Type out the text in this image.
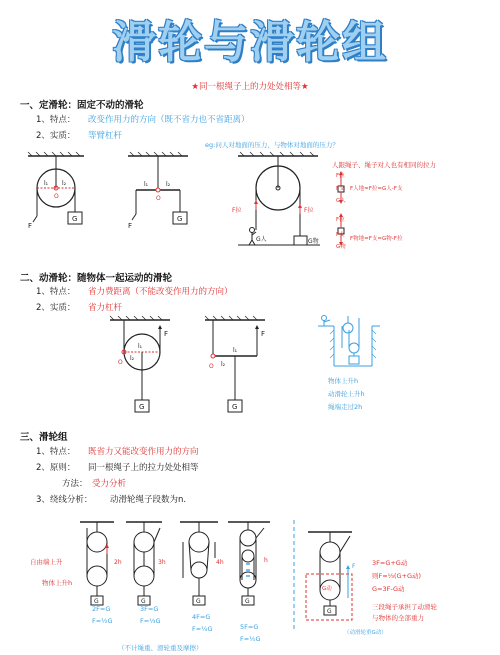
滑轮与滑轮组
★同一根绳子上的力处处相等★
一、定滑轮：固定不动的滑轮
1、特点： 改变作用力的方向（既不省力也不省距离）
2、实质： 等臂杠杆
eg:问人对地面的压力，与物体对地面的压力？
人跟绳子、绳子对人也有相同的拉力
G
F
l₁ l₂
O
G
F
l₁	l₂
O
F拉	F拉
G人	G物
F拉
F支
G人
F人地=F拉=G人-F支
F拉
F支
G物
F物地=F支=G物-F拉
二、动滑轮：随物体一起运动的滑轮
1、特点： 省力费距离（不能改变作用力的方向）
2、实质： 省力杠杆
G
F
l₁
l₂
O
G
F
l₁
l₂
O
物体上升h
动滑轮上升h
绳端走过2h
三、滑轮组
1、特点： 既省力又能改变作用力的方向
2、原则： 同一根绳子上的拉力处处相等
方法： 受力分析
3、绕线分析： 动滑轮绳子段数为n.
2h	3h	4h	h
G	G	G	G
自由端上升
物体上升h
2F=G
F=½G
3F=G
F=⅓G	4F=G
F=¼G	5F=G
F=⅕G
（不计绳重、滑轮重及摩擦）
G动
G
F
（动滑轮重G动）
3F=G+G动
则F=⅓(G+G动)
G=3F-G动
三段绳子承担了动滑轮
与物体的全部重力
